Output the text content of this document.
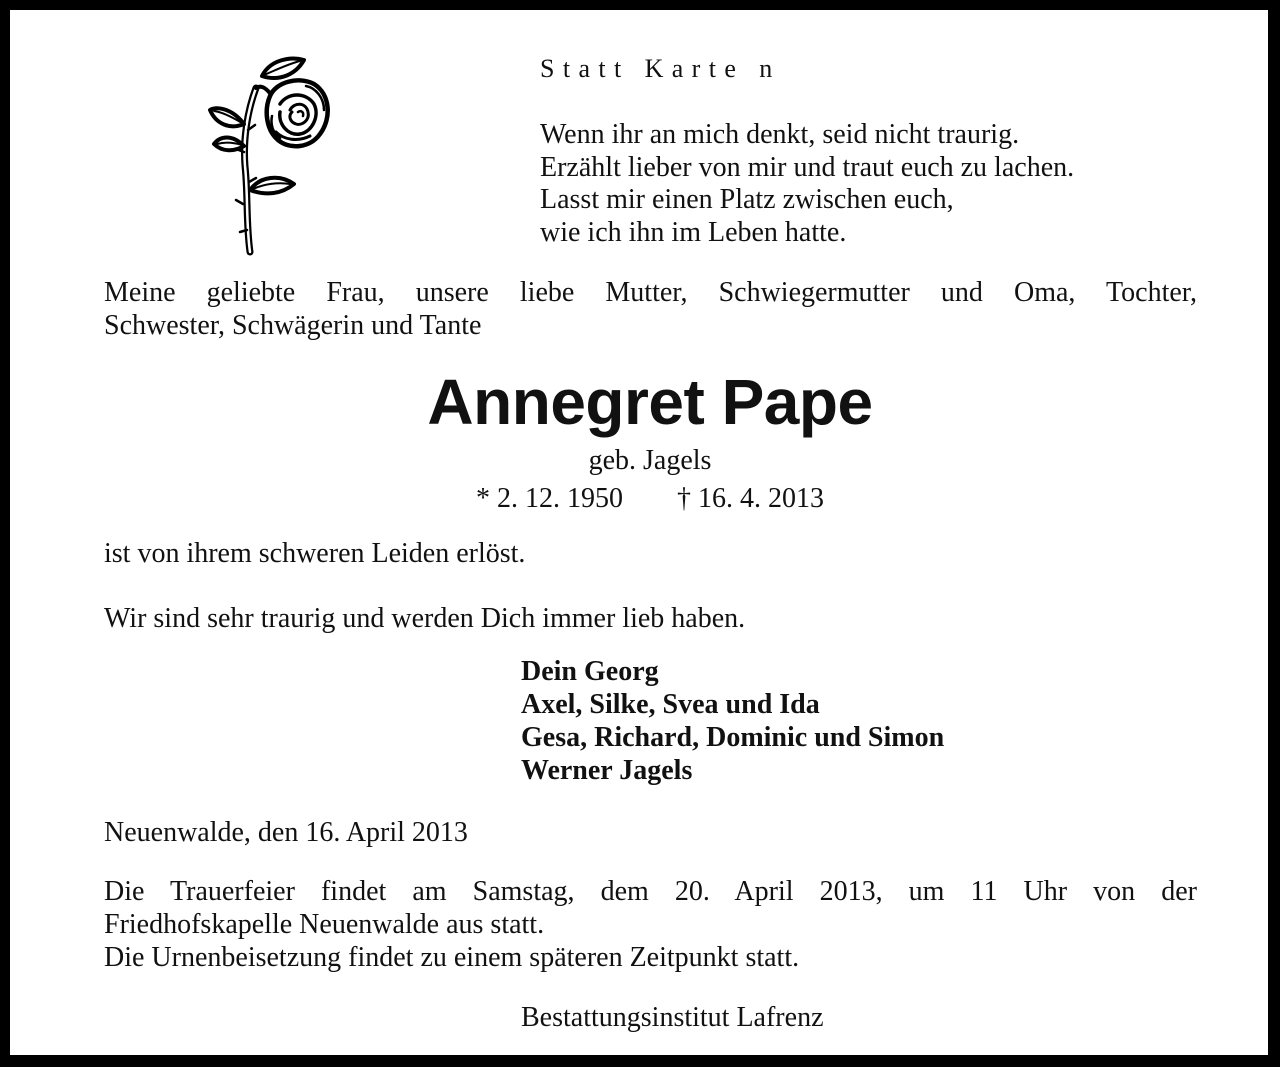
Statt Karte n
Wenn ihr an mich denkt, seid nicht traurig.
Erzählt lieber von mir und traut euch zu lachen.
Lasst mir einen Platz zwischen euch,
wie ich ihn im Leben hatte.
Meine geliebte Frau, unsere liebe Mutter, Schwiegermutter und Oma, Tochter,
Schwester, Schwägerin und Tante
Annegret Pape
geb. Jagels
* 2. 12. 1950 † 16. 4. 2013
ist von ihrem schweren Leiden erlöst.
Wir sind sehr traurig und werden Dich immer lieb haben.
Dein Georg
Axel, Silke, Svea und Ida
Gesa, Richard, Dominic und Simon
Werner Jagels
Neuenwalde, den 16. April 2013
Die Trauerfeier findet am Samstag, dem 20. April 2013, um 11 Uhr von der
Friedhofskapelle Neuenwalde aus statt.
Die Urnenbeisetzung findet zu einem späteren Zeitpunkt statt.
Bestattungsinstitut Lafrenz
